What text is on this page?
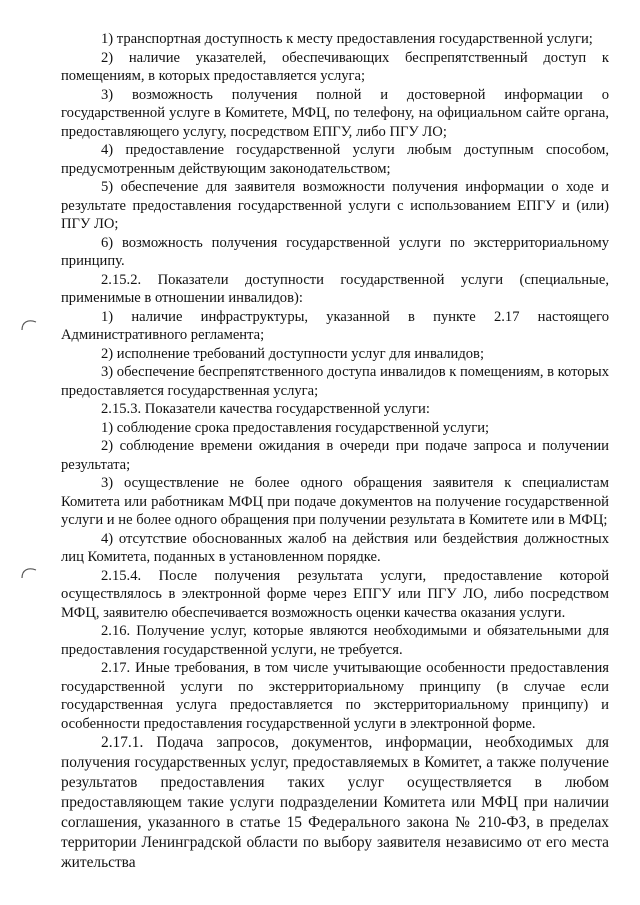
1) транспортная доступность к месту предоставления государственной услуги;

2) наличие указателей, обеспечивающих беспрепятственный доступ к помещениям, в которых предоставляется услуга;

3) возможность получения полной и достоверной информации о государственной услуге в Комитете, МФЦ, по телефону, на официальном сайте органа, предоставляющего услугу, посредством ЕПГУ, либо ПГУ ЛО;

4) предоставление государственной услуги любым доступным способом, предусмотренным действующим законодательством;

5) обеспечение для заявителя возможности получения информации о ходе и результате предоставления государственной услуги с использованием ЕПГУ и (или) ПГУ ЛО;

6) возможность получения государственной услуги по экстерриториальному принципу.

2.15.2. Показатели доступности государственной услуги (специальные, применимые в отношении инвалидов):

1) наличие инфраструктуры, указанной в пункте 2.17 настоящего Административного регламента;

2) исполнение требований доступности услуг для инвалидов;

3) обеспечение беспрепятственного доступа инвалидов к помещениям, в которых предоставляется государственная услуга;

2.15.3. Показатели качества государственной услуги:

1) соблюдение срока предоставления государственной услуги;

2) соблюдение времени ожидания в очереди при подаче запроса и получении результата;

3) осуществление не более одного обращения заявителя к специалистам Комитета или работникам МФЦ при подаче документов на получение государственной услуги и не более одного обращения при получении результата в Комитете или в МФЦ;

4) отсутствие обоснованных жалоб на действия или бездействия должностных лиц Комитета, поданных в установленном порядке.

2.15.4. После получения результата услуги, предоставление которой осуществлялось в электронной форме через ЕПГУ или ПГУ ЛО, либо посредством МФЦ, заявителю обеспечивается возможность оценки качества оказания услуги.

2.16. Получение услуг, которые являются необходимыми и обязательными для предоставления государственной услуги, не требуется.

2.17. Иные требования, в том числе учитывающие особенности предоставления государственной услуги по экстерриториальному принципу (в случае если государственная услуга предоставляется по экстерриториальному принципу) и особенности предоставления государственной услуги в электронной форме.

2.17.1. Подача запросов, документов, информации, необходимых для получения государственных услуг, предоставляемых в Комитет, а также получение результатов предоставления таких услуг осуществляется в любом предоставляющем такие услуги подразделении Комитета или МФЦ при наличии соглашения, указанного в статье 15 Федерального закона № 210-ФЗ, в пределах территории Ленинградской области по выбору заявителя независимо от его места жительства
